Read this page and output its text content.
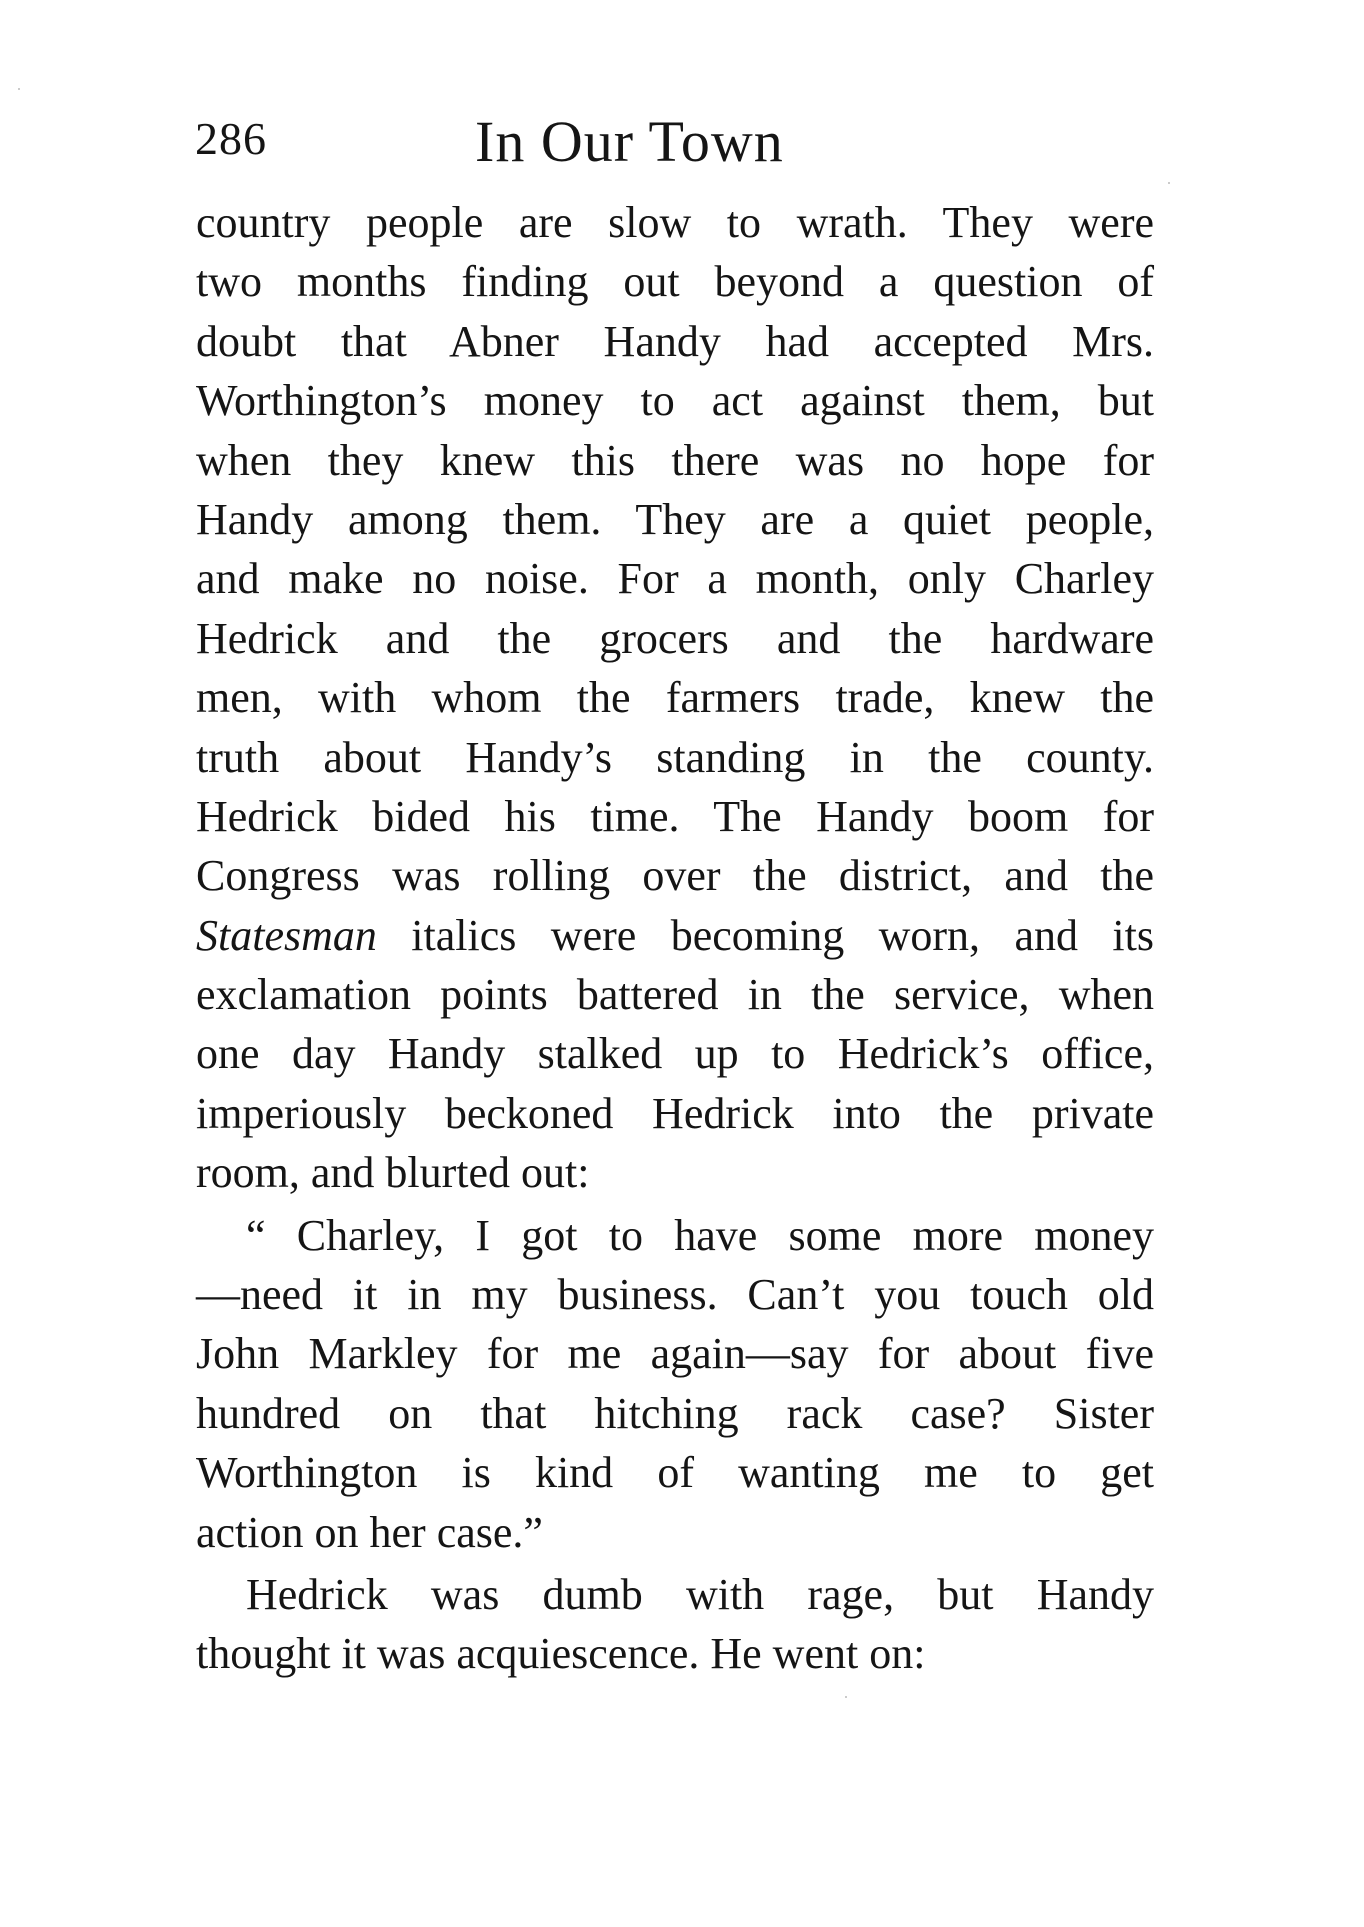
286	In Our Town
country people are slow to wrath. They were
two months finding out beyond a question of
doubt that Abner Handy had accepted Mrs.
Worthington’s money to act against them, but
when they knew this there was no hope for
Handy among them. They are a quiet people,
and make no noise. For a month, only Charley
Hedrick and the grocers and the hardware
men, with whom the farmers trade, knew the
truth about Handy’s standing in the county.
Hedrick bided his time. The Handy boom for
Congress was rolling over the district, and the
Statesman italics were becoming worn, and its
exclamation points battered in the service, when
one day Handy stalked up to Hedrick’s office,
imperiously beckoned Hedrick into the private
room, and blurted out:
“ Charley, I got to have some more money
—need it in my business. Can’t you touch old
John Markley for me again—say for about five
hundred on that hitching rack case? Sister
Worthington is kind of wanting me to get
action on her case.”
Hedrick was dumb with rage, but Handy
thought it was acquiescence. He went on:
